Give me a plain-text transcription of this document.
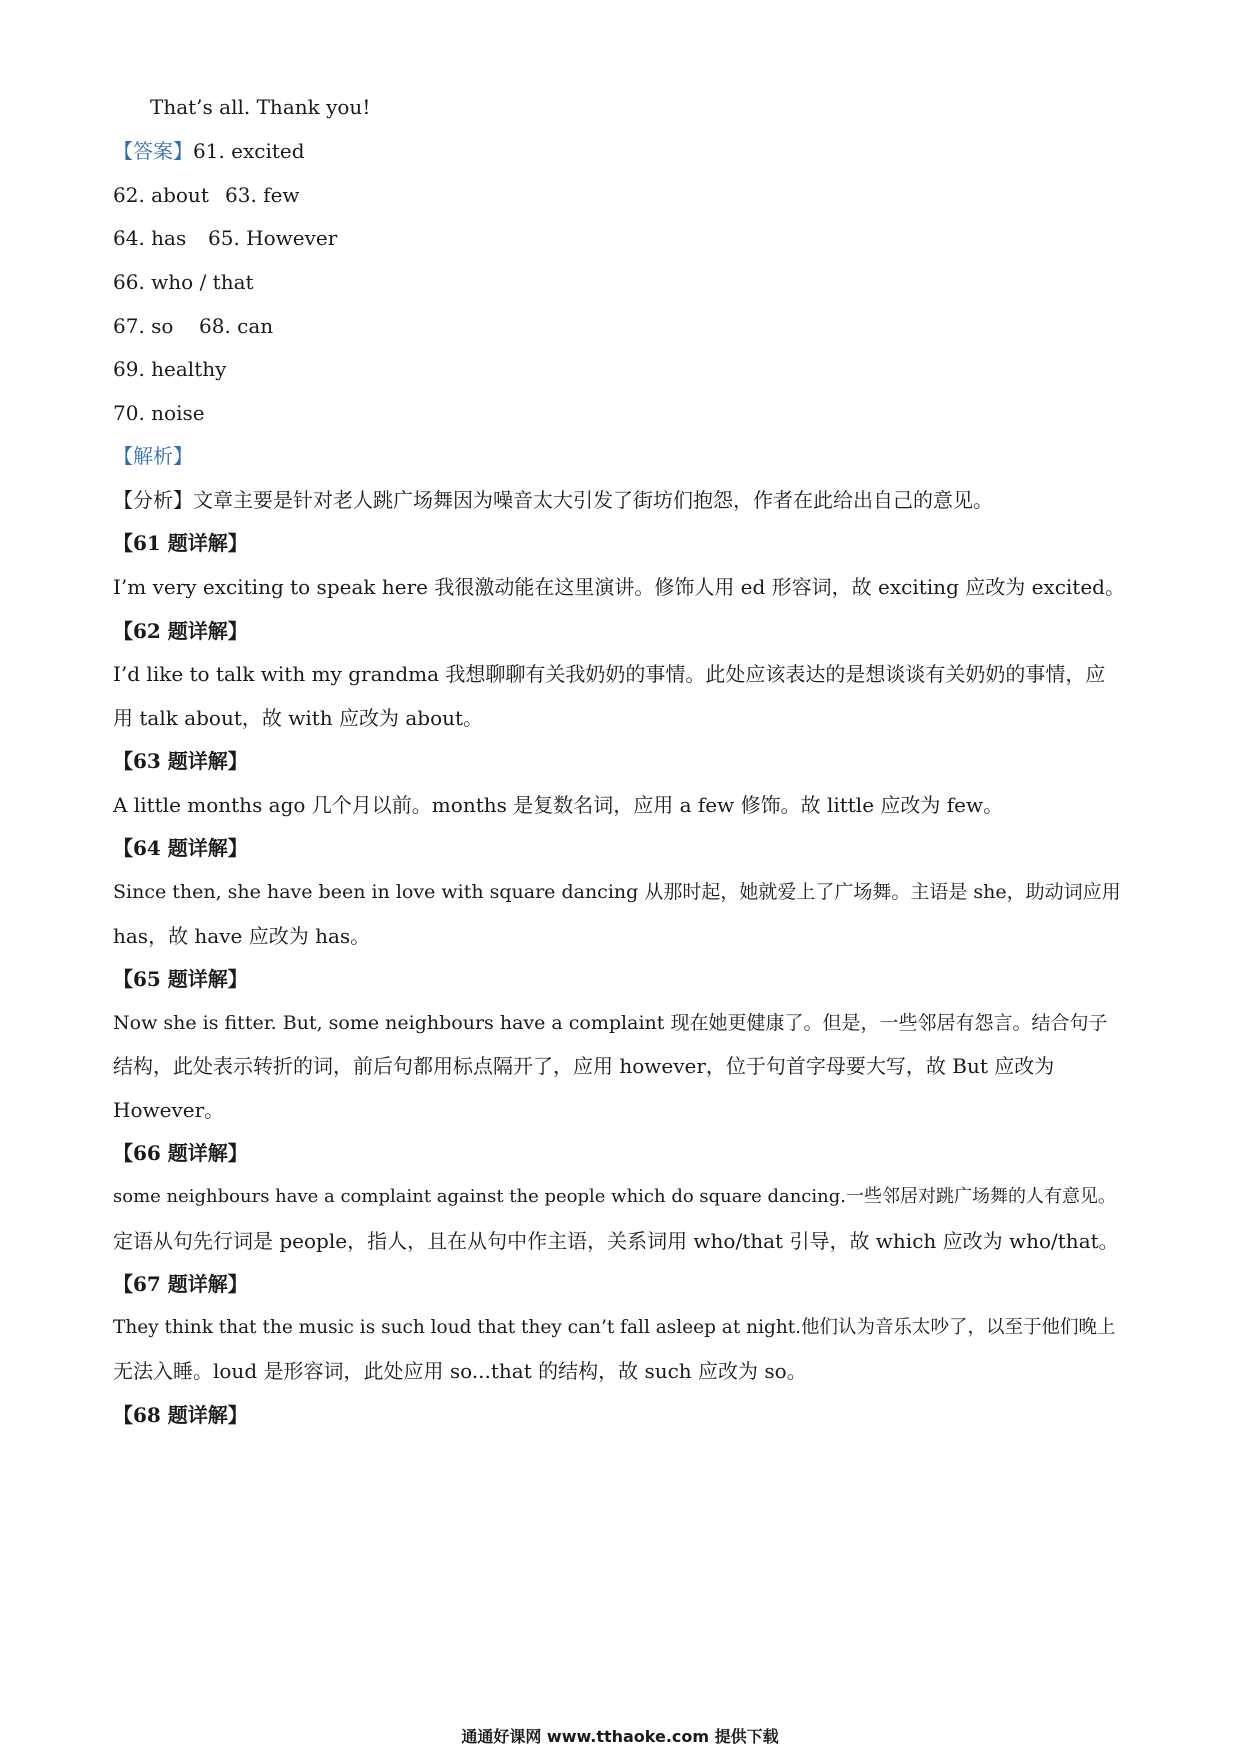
That’s all. Thank you!
【答案】61. excited
62. about 63. few
64. has 65. However
66. who / that
67. so 68. can
69. healthy
70. noise
【解析】
【分析】文章主要是针对老人跳广场舞因为噪音太大引发了街坊们抱怨，作者在此给出自己的意见。
【61 题详解】
I’m very exciting to speak here 我很激动能在这里演讲。修饰人用 ed 形容词，故 exciting 应改为 excited。
【62 题详解】
I’d like to talk with my grandma 我想聊聊有关我奶奶的事情。此处应该表达的是想谈谈有关奶奶的事情，应
用 talk about，故 with 应改为 about。
【63 题详解】
A little months ago 几个月以前。months 是复数名词，应用 a few 修饰。故 little 应改为 few。
【64 题详解】
Since then, she have been in love with square dancing 从那时起，她就爱上了广场舞。主语是 she，助动词应用
has，故 have 应改为 has。
【65 题详解】
Now she is fitter. But, some neighbours have a complaint 现在她更健康了。但是，一些邻居有怨言。结合句子
结构，此处表示转折的词，前后句都用标点隔开了，应用 however，位于句首字母要大写，故 But 应改为
However。
【66 题详解】
some neighbours have a complaint against the people which do square dancing.一些邻居对跳广场舞的人有意见。
定语从句先行词是 people，指人，且在从句中作主语，关系词用 who/that 引导，故 which 应改为 who/that。
【67 题详解】
They think that the music is such loud that they can’t fall asleep at night.他们认为音乐太吵了，以至于他们晚上
无法入睡。loud 是形容词，此处应用 so...that 的结构，故 such 应改为 so。
【68 题详解】
通通好课网 www.tthaoke.com 提供下载
